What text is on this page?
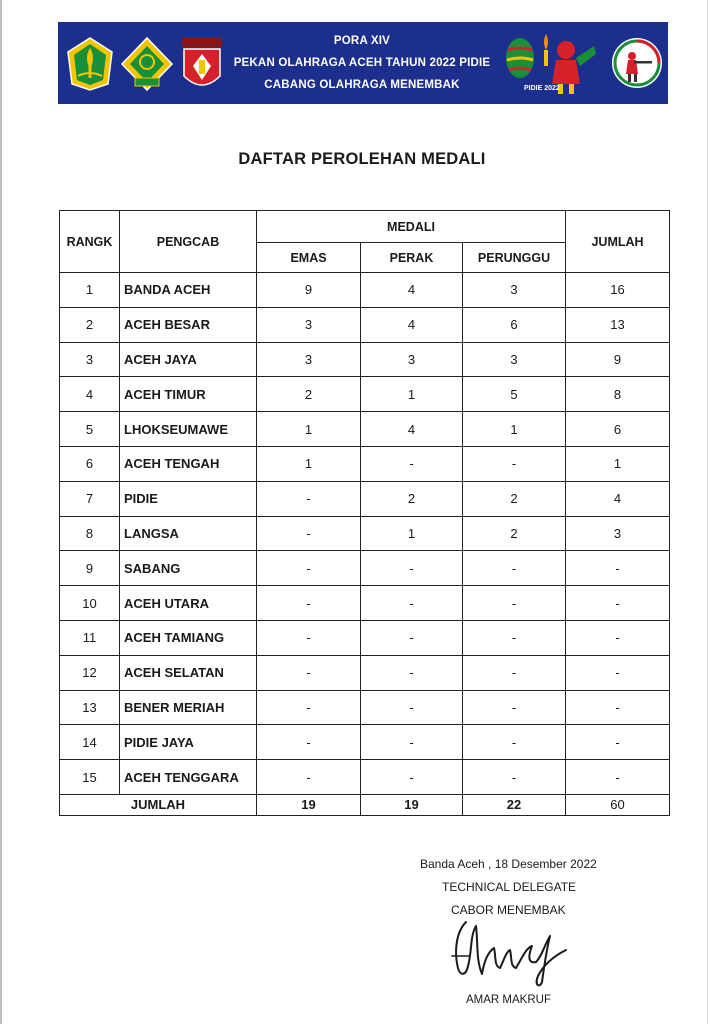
PORA XIV
PEKAN OLAHRAGA ACEH TAHUN 2022 PIDIE
CABANG OLAHRAGA MENEMBAK	PIDIE 2022
DAFTAR PEROLEHAN MEDALI
RANGK	PENGCAB	MEDALI			JUMLAH
		EMAS	PERAK	PERUNGGU	
1	BANDA ACEH	9	4	3	16
2	ACEH BESAR	3	4	6	13
3	ACEH JAYA	3	3	3	9
4	ACEH TIMUR	2	1	5	8
5	LHOKSEUMAWE	1	4	1	6
6	ACEH TENGAH	1	-	-	1
7	PIDIE	-	2	2	4
8	LANGSA	-	1	2	3
9	SABANG	-	-	-	-
10	ACEH UTARA	-	-	-	-
11	ACEH TAMIANG	-	-	-	-
12	ACEH SELATAN	-	-	-	-
13	BENER MERIAH	-	-	-	-
14	PIDIE JAYA	-	-	-	-
15	ACEH TENGGARA	-	-	-	-
JUMLAH		19	19	22	60
Banda Aceh , 18 Desember 2022
TECHNICAL DELEGATE
CABOR MENEMBAK
AMAR MAKRUF
